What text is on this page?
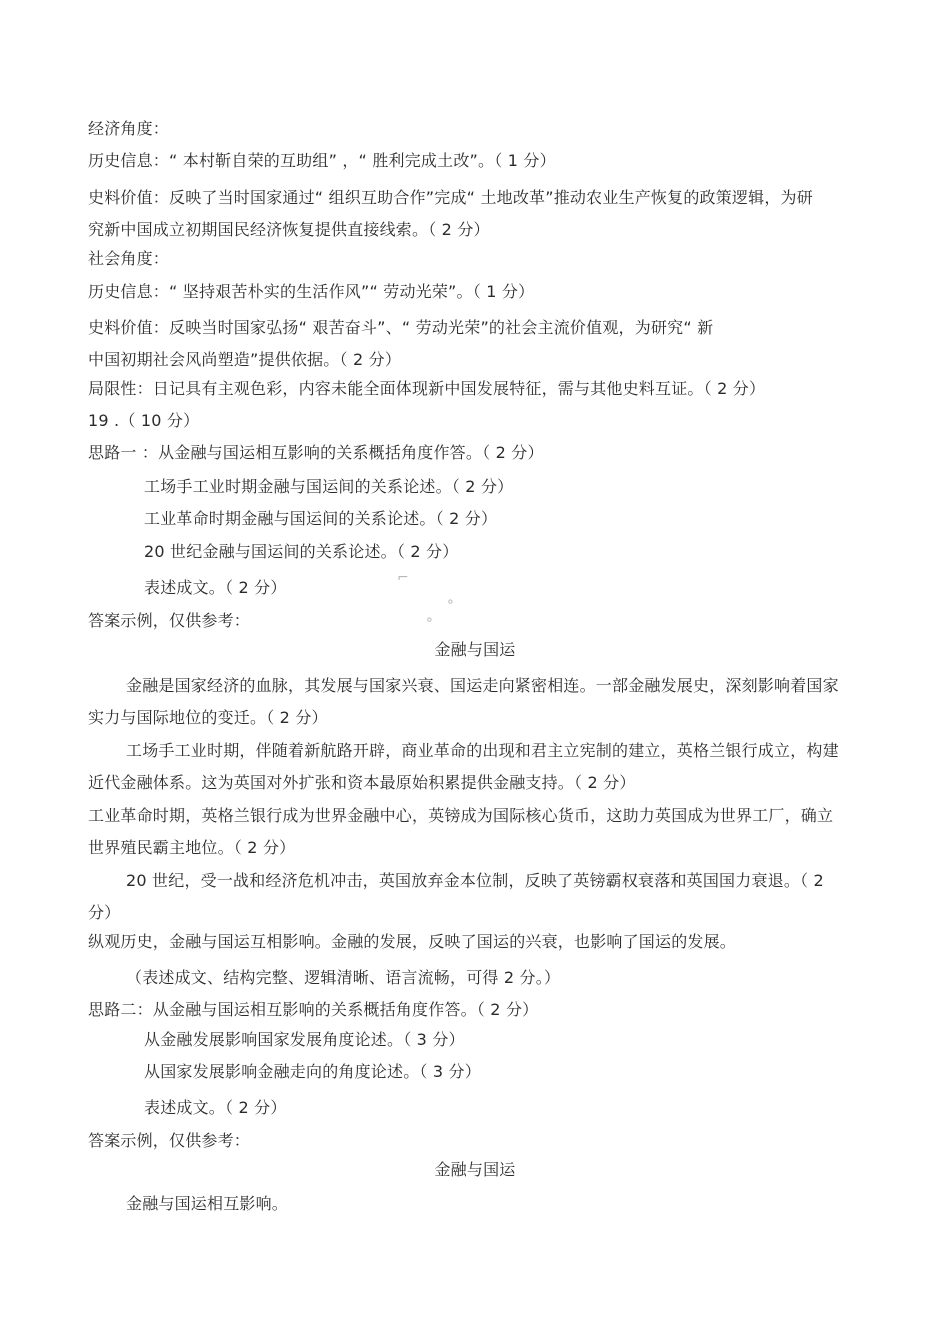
经济角度：
历史信息：“ 本村靳自荣的互助组” ，“ 胜利完成土改”。（ 1 分）
史料价值：反映了当时国家通过“ 组织互助合作”完成“ 土地改革”推动农业生产恢复的政策逻辑，为研
究新中国成立初期国民经济恢复提供直接线索。（ 2 分）
社会角度：
历史信息：“ 坚持艰苦朴实的生活作风”“ 劳动光荣”。（ 1 分）
史料价值：反映当时国家弘扬“ 艰苦奋斗”、“ 劳动光荣”的社会主流价值观，为研究“ 新
中国初期社会风尚塑造”提供依据。（ 2 分）
局限性：日记具有主观色彩，内容未能全面体现新中国发展特征，需与其他史料互证。（ 2 分）
19 .（ 10 分）
思路一 ：从金融与国运相互影响的关系概括角度作答。（ 2 分）
工场手工业时期金融与国运间的关系论述。（ 2 分）
工业革命时期金融与国运间的关系论述。（ 2 分）
20 世纪金融与国运间的关系论述。（ 2 分）
表述成文。（ 2 分）	⌐
∘
∘
答案示例，仅供参考：
金融与国运
金融是国家经济的血脉，其发展与国家兴衰、国运走向紧密相连。一部金融发展史，深刻影响着国家
实力与国际地位的变迁。（ 2 分）
工场手工业时期，伴随着新航路开辟，商业革命的出现和君主立宪制的建立，英格兰银行成立，构建
近代金融体系。这为英国对外扩张和资本最原始积累提供金融支持。（ 2 分）
工业革命时期，英格兰银行成为世界金融中心，英镑成为国际核心货币，这助力英国成为世界工厂，确立
世界殖民霸主地位。（ 2 分）
20 世纪，受一战和经济危机冲击，英国放弃金本位制，反映了英镑霸权衰落和英国国力衰退。（ 2
分）
纵观历史，金融与国运互相影响。金融的发展，反映了国运的兴衰，也影响了国运的发展。
（表述成文、结构完整、逻辑清晰、语言流畅，可得 2 分。）
思路二：从金融与国运相互影响的关系概括角度作答。（ 2 分）
从金融发展影响国家发展角度论述。（ 3 分）
从国家发展影响金融走向的角度论述。（ 3 分）
表述成文。（ 2 分）
答案示例，仅供参考：
金融与国运
金融与国运相互影响。
